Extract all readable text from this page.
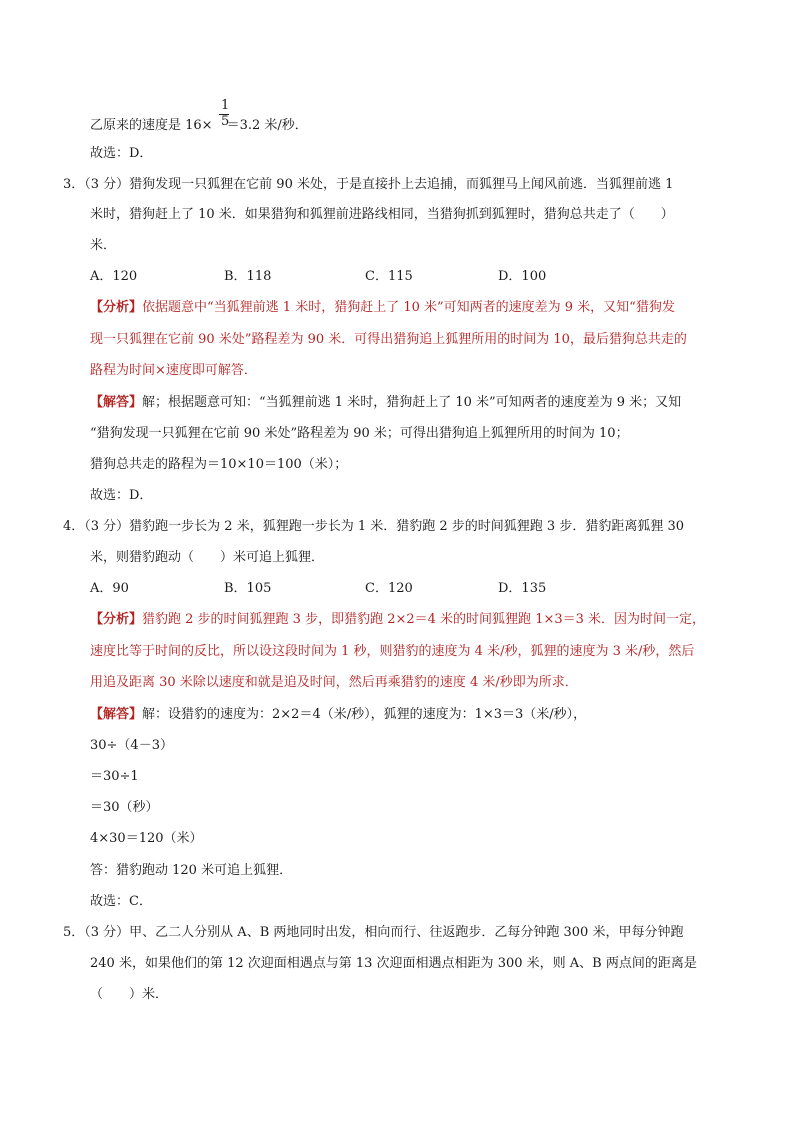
1
5
乙原来的速度是 16× ＝3.2 米/秒．
故选：D．
3．（3 分）猎狗发现一只狐狸在它前 90 米处，于是直接扑上去追捕，而狐狸马上闻风前逃．当狐狸前逃 1
米时，猎狗赶上了 10 米．如果猎狗和狐狸前进路线相同，当猎狗抓到狐狸时，猎狗总共走了（　　）
米．
A．120	B．118	C．115	D．100
【分析】依据题意中“当狐狸前逃 1 米时，猎狗赶上了 10 米”可知两者的速度差为 9 米，又知“猎狗发
现一只狐狸在它前 90 米处”路程差为 90 米．可得出猎狗追上狐狸所用的时间为 10，最后猎狗总共走的
路程为时间×速度即可解答．
【解答】解；根据题意可知：“当狐狸前逃 1 米时，猎狗赶上了 10 米”可知两者的速度差为 9 米；又知
“猎狗发现一只狐狸在它前 90 米处”路程差为 90 米；可得出猎狗追上狐狸所用的时间为 10；
猎狗总共走的路程为＝10×10＝100（米）；
故选：D．
4．（3 分）猎豹跑一步长为 2 米，狐狸跑一步长为 1 米．猎豹跑 2 步的时间狐狸跑 3 步．猎豹距离狐狸 30
米，则猎豹跑动（　　）米可追上狐狸．
A．90	B．105	C．120	D．135
【分析】猎豹跑 2 步的时间狐狸跑 3 步，即猎豹跑 2×2＝4 米的时间狐狸跑 1×3＝3 米．因为时间一定，
速度比等于时间的反比，所以设这段时间为 1 秒，则猎豹的速度为 4 米/秒，狐狸的速度为 3 米/秒，然后
用追及距离 30 米除以速度和就是追及时间，然后再乘猎豹的速度 4 米/秒即为所求．
【解答】解：设猎豹的速度为：2×2＝4（米/秒），狐狸的速度为：1×3＝3（米/秒），
30÷（4－3）
＝30÷1
＝30（秒）
4×30＝120（米）
答：猎豹跑动 120 米可追上狐狸．
故选：C．
5．（3 分）甲、乙二人分别从 A、B 两地同时出发，相向而行、往返跑步．乙每分钟跑 300 米，甲每分钟跑
240 米，如果他们的第 12 次迎面相遇点与第 13 次迎面相遇点相距为 300 米，则 A、B 两点间的距离是
（　　）米．
